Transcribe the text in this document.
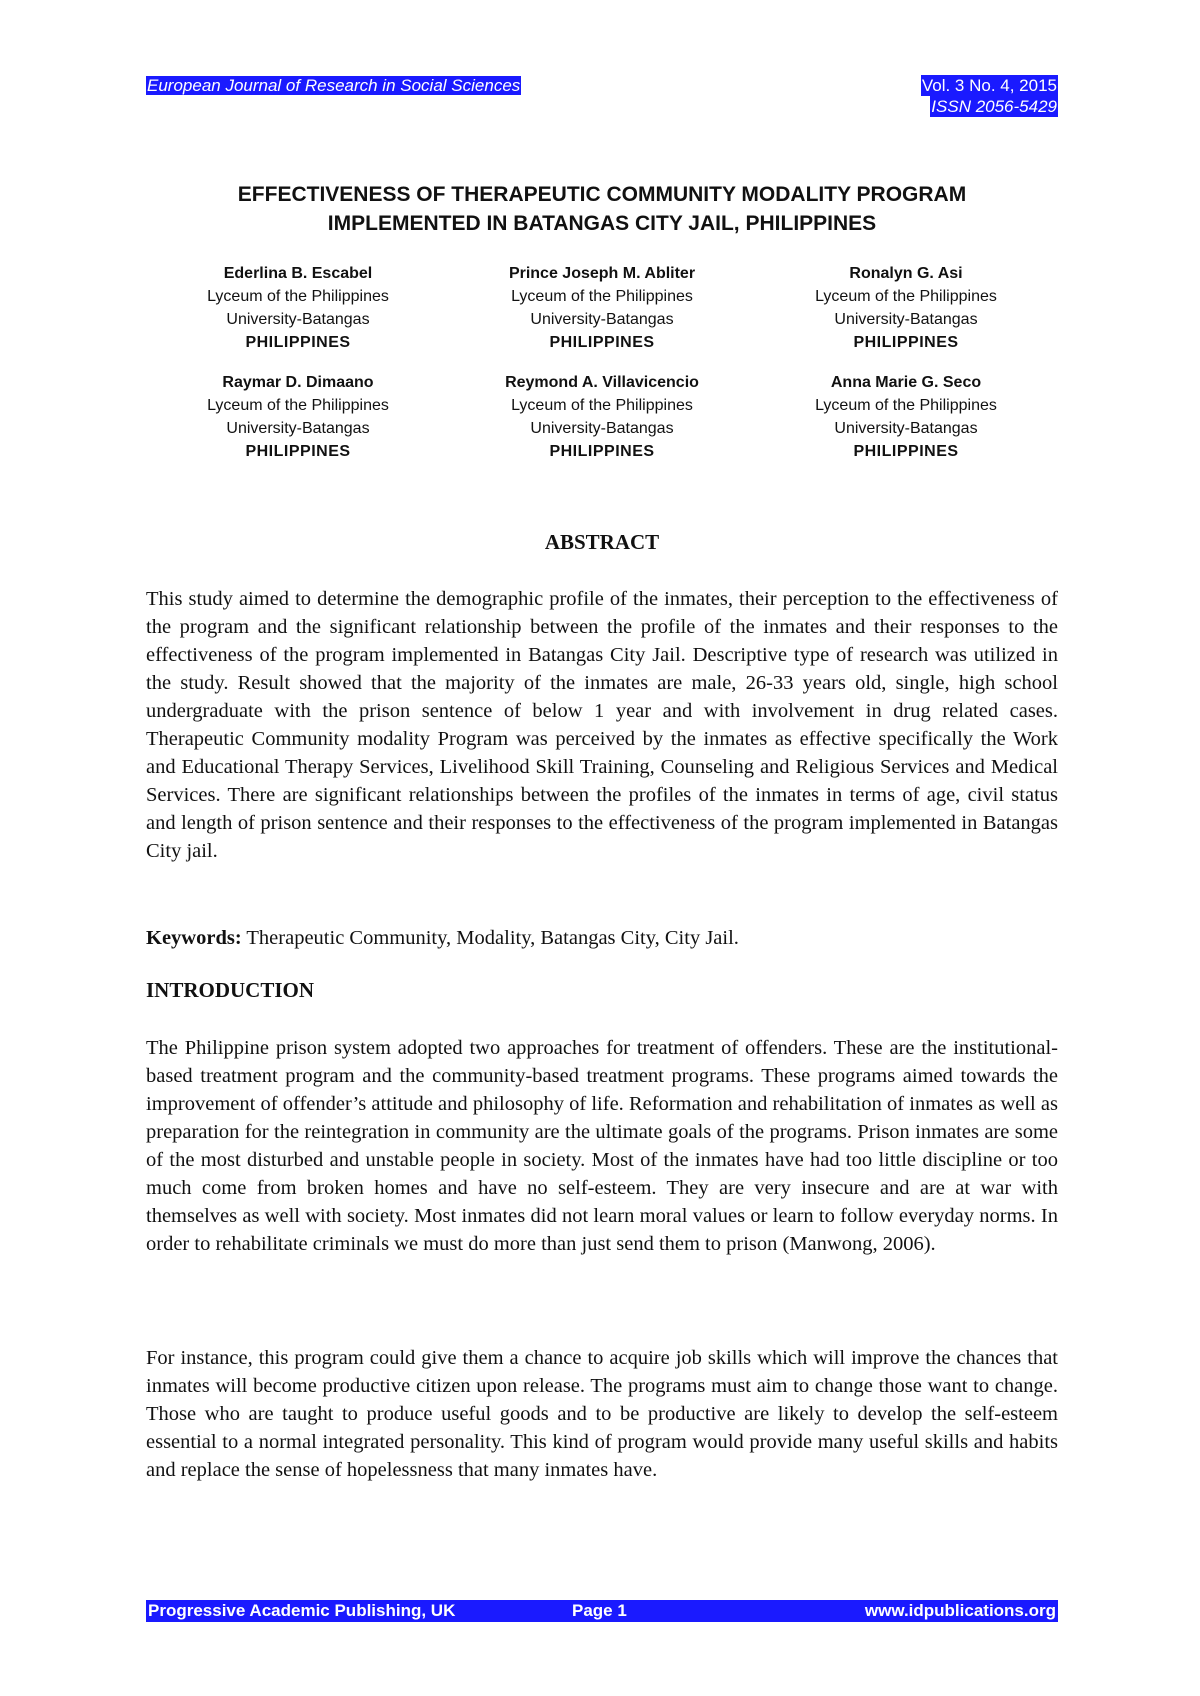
European Journal of Research in Social Sciences	Vol. 3 No. 4, 2015
ISSN 2056-5429
EFFECTIVENESS OF THERAPEUTIC COMMUNITY MODALITY PROGRAM
IMPLEMENTED IN BATANGAS CITY JAIL, PHILIPPINES
Ederlina B. Escabel
Lyceum of the Philippines
University-Batangas
PHILIPPINES
Prince Joseph M. Abliter
Lyceum of the Philippines
University-Batangas
PHILIPPINES
Ronalyn G. Asi
Lyceum of the Philippines
University-Batangas
PHILIPPINES
Raymar D. Dimaano
Lyceum of the Philippines
University-Batangas
PHILIPPINES
Reymond A. Villavicencio
Lyceum of the Philippines
University-Batangas
PHILIPPINES
Anna Marie G. Seco
Lyceum of the Philippines
University-Batangas
PHILIPPINES
ABSTRACT

This study aimed to determine the demographic profile of the inmates, their perception to the effectiveness of the program and the significant relationship between the profile of the inmates and their responses to the effectiveness of the program implemented in Batangas City Jail. Descriptive type of research was utilized in the study. Result showed that the majority of the inmates are male, 26-33 years old, single, high school undergraduate with the prison sentence of below 1 year and with involvement in drug related cases. Therapeutic Community modality Program was perceived by the inmates as effective specifically the Work and Educational Therapy Services, Livelihood Skill Training, Counseling and Religious Services and Medical Services. There are significant relationships between the profiles of the inmates in terms of age, civil status and length of prison sentence and their responses to the effectiveness of the program implemented in Batangas City jail.

Keywords: Therapeutic Community, Modality, Batangas City, City Jail.

INTRODUCTION

The Philippine prison system adopted two approaches for treatment of offenders. These are the institutional- based treatment program and the community-based treatment programs. These programs aimed towards the improvement of offender’s attitude and philosophy of life. Reformation and rehabilitation of inmates as well as preparation for the reintegration in community are the ultimate goals of the programs. Prison inmates are some of the most disturbed and unstable people in society. Most of the inmates have had too little discipline or too much come from broken homes and have no self-esteem. They are very insecure and are at war with themselves as well with society. Most inmates did not learn moral values or learn to follow everyday norms. In order to rehabilitate criminals we must do more than just send them to prison (Manwong, 2006).

For instance, this program could give them a chance to acquire job skills which will improve the chances that inmates will become productive citizen upon release. The programs must aim to change those want to change. Those who are taught to produce useful goods and to be productive are likely to develop the self-esteem essential to a normal integrated personality. This kind of program would provide many useful skills and habits and replace the sense of hopelessness that many inmates have.

Progressive Academic Publishing, UK	Page 1	www.idpublications.org
